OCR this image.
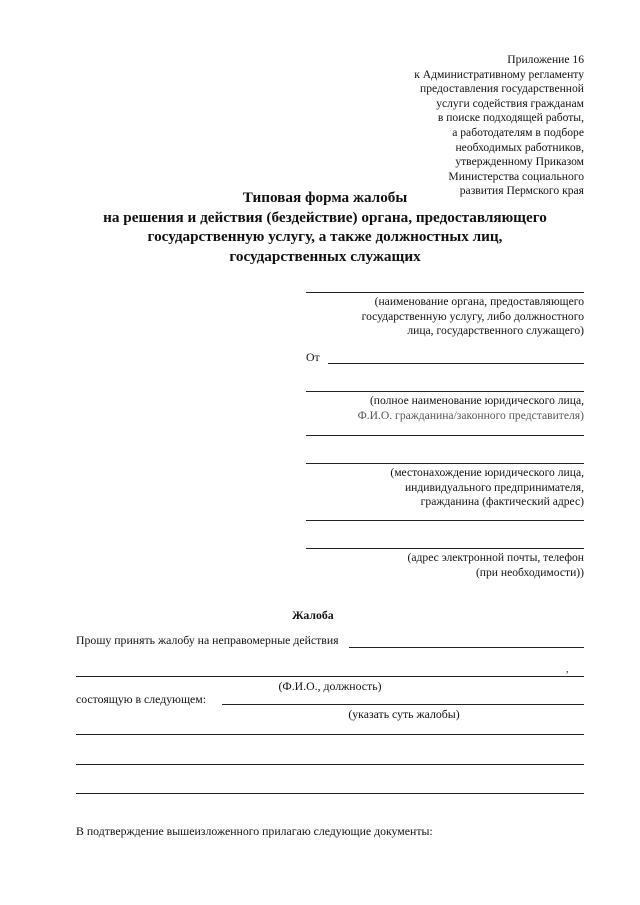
Приложение 16
к Административному регламенту
предоставления государственной
услуги содействия гражданам
в поиске подходящей работы,
а работодателям в подборе
необходимых работников,
утвержденному Приказом
Министерства социального
развития Пермского края
Типовая форма жалобы
на решения и действия (бездействие) органа, предоставляющего
государственную услугу, а также должностных лиц,
государственных служащих
(наименование органа, предоставляющего
государственную услугу, либо должностного
лица, государственного служащего)
От
(полное наименование юридического лица,
Ф.И.О. гражданина/законного представителя)
(местонахождение юридического лица,
индивидуального предпринимателя,
гражданина (фактический адрес)
(адрес электронной почты, телефон
(при необходимости))
Жалоба
Прошу принять жалобу на неправомерные действия
,
(Ф.И.О., должность)
состоящую в следующем:
(указать суть жалобы)
В подтверждение вышеизложенного прилагаю следующие документы:
